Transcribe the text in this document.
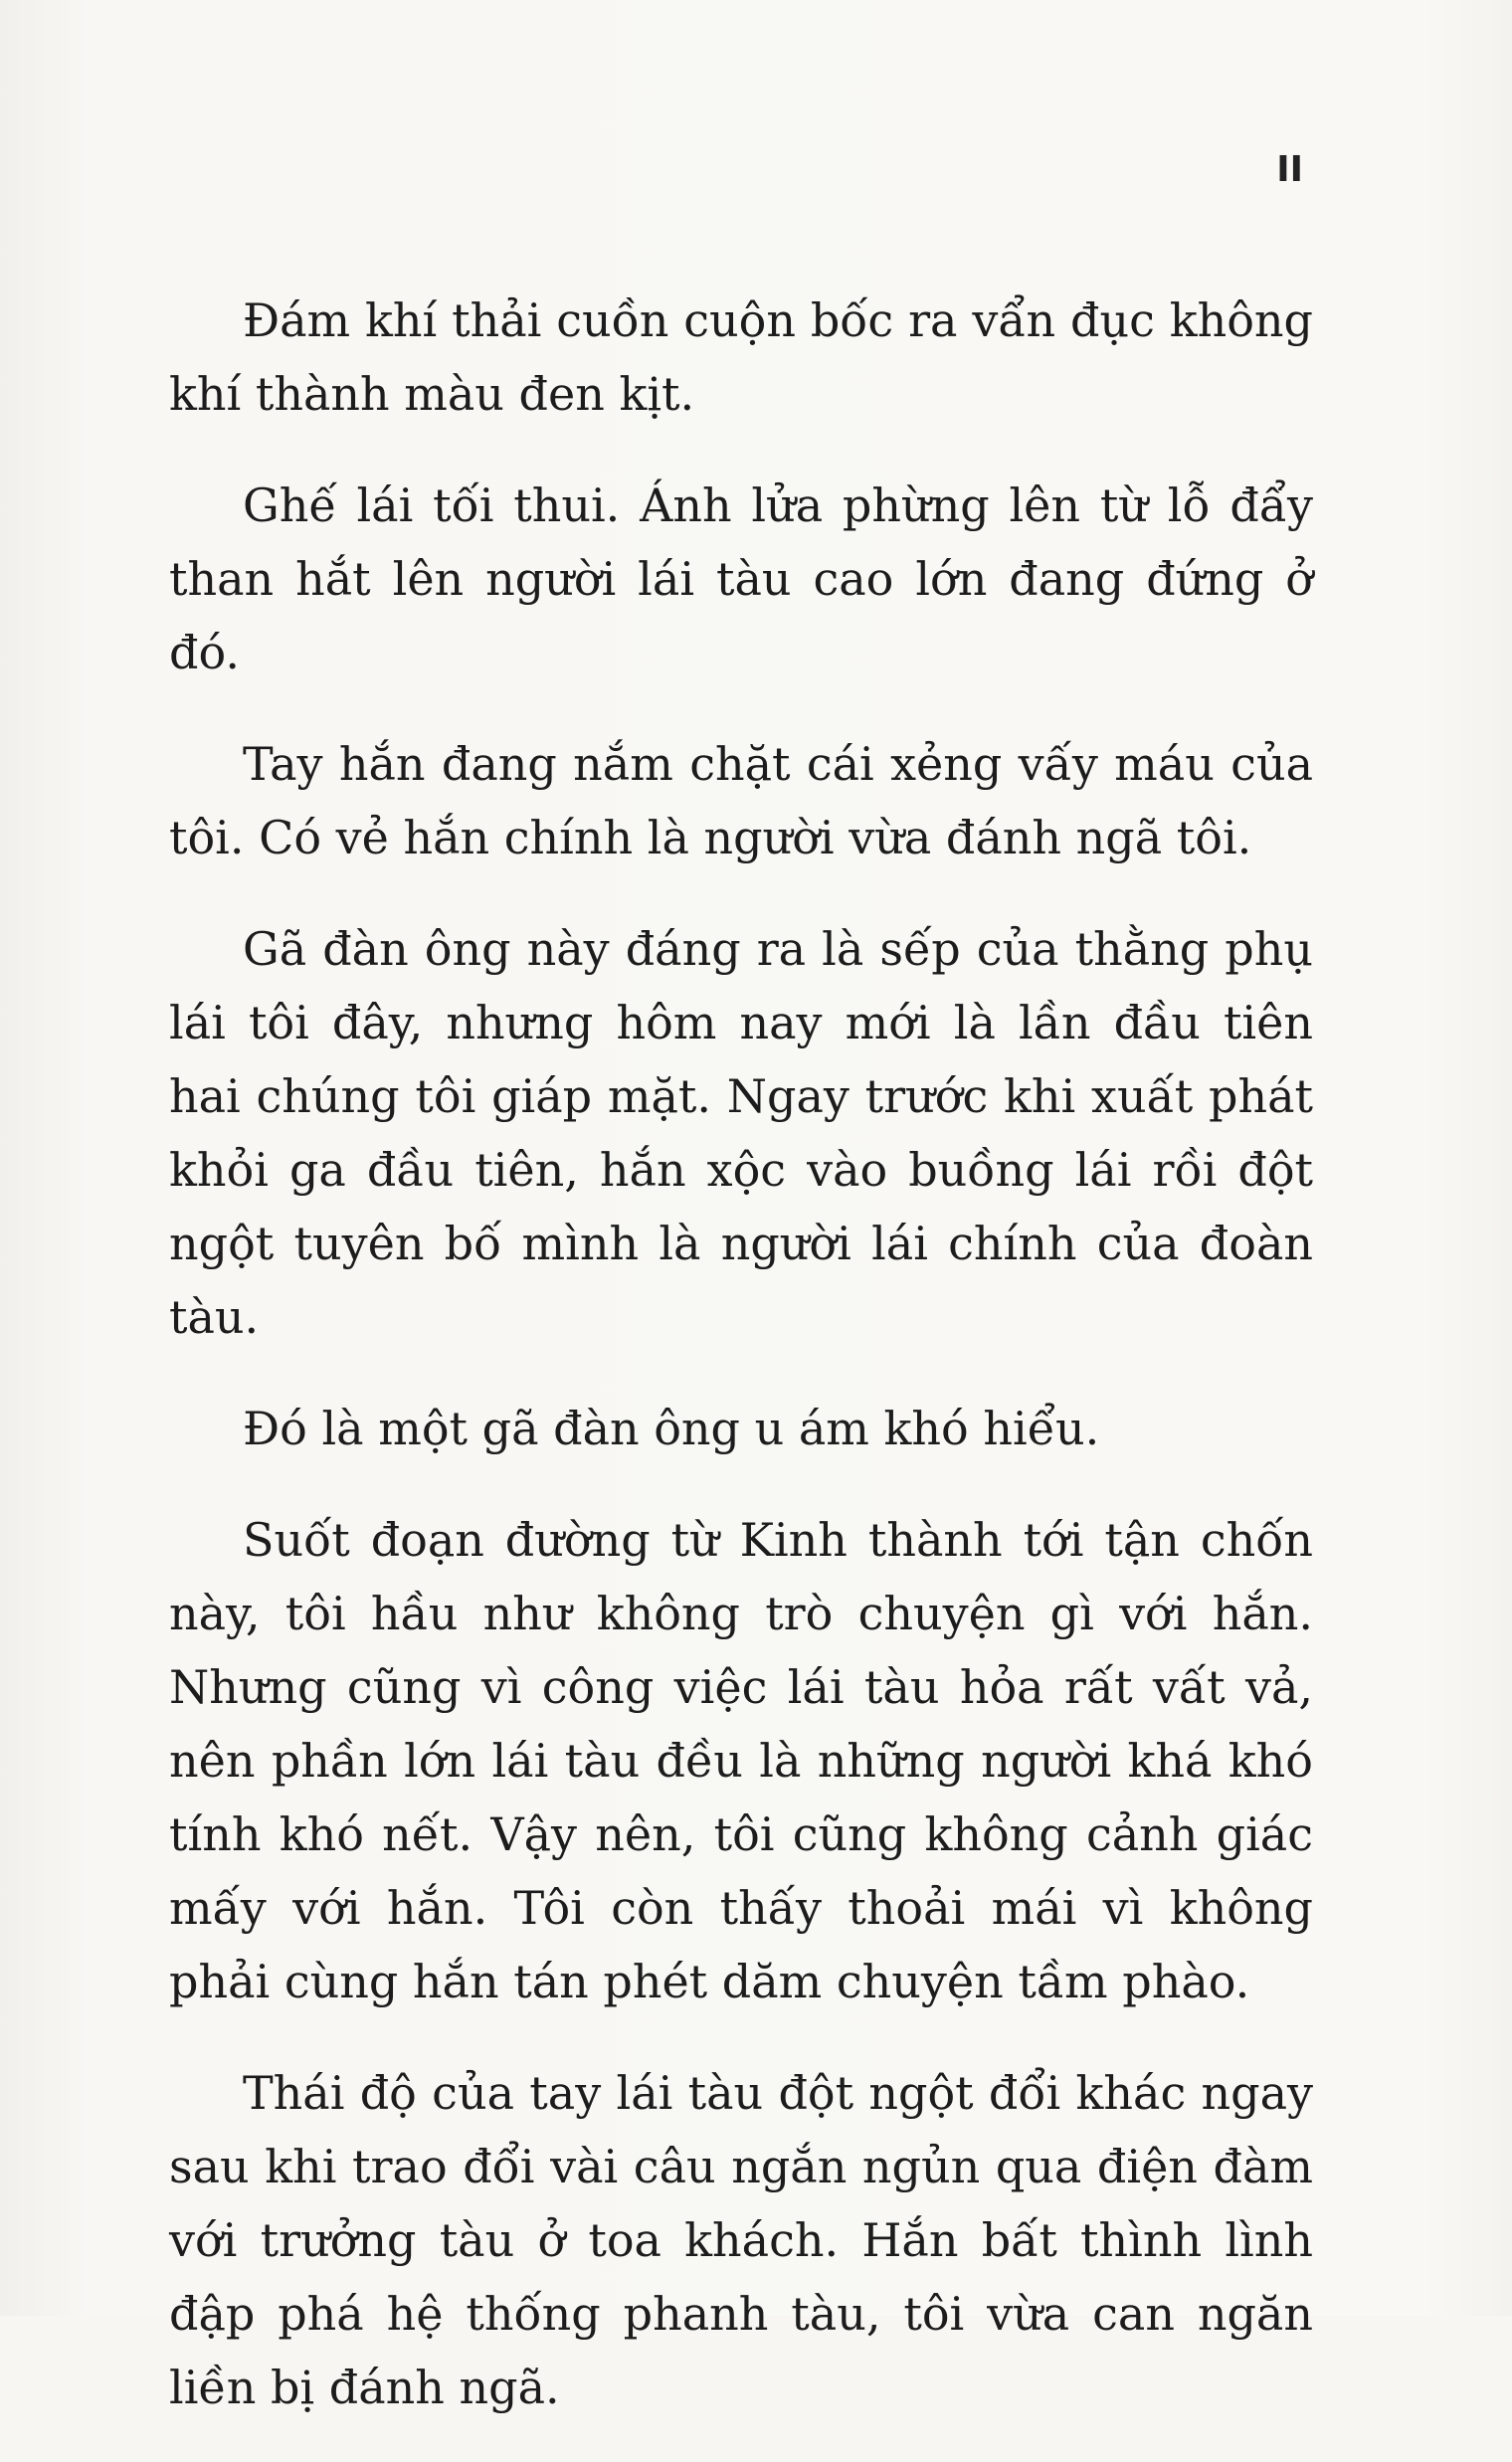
II

Đám khí thải cuồn cuộn bốc ra vẩn đục không khí thành màu đen kịt.

Ghế lái tối thui. Ánh lửa phừng lên từ lỗ đẩy than hắt lên người lái tàu cao lớn đang đứng ở đó.

Tay hắn đang nắm chặt cái xẻng vấy máu của tôi. Có vẻ hắn chính là người vừa đánh ngã tôi.

Gã đàn ông này đáng ra là sếp của thằng phụ lái tôi đây, nhưng hôm nay mới là lần đầu tiên hai chúng tôi giáp mặt. Ngay trước khi xuất phát khỏi ga đầu tiên, hắn xộc vào buồng lái rồi đột ngột tuyên bố mình là người lái chính của đoàn tàu.

Đó là một gã đàn ông u ám khó hiểu.

Suốt đoạn đường từ Kinh thành tới tận chốn này, tôi hầu như không trò chuyện gì với hắn. Nhưng cũng vì công việc lái tàu hỏa rất vất vả, nên phần lớn lái tàu đều là những người khá khó tính khó nết. Vậy nên, tôi cũng không cảnh giác mấy với hắn. Tôi còn thấy thoải mái vì không phải cùng hắn tán phét dăm chuyện tầm phào.

Thái độ của tay lái tàu đột ngột đổi khác ngay sau khi trao đổi vài câu ngắn ngủn qua điện đàm với trưởng tàu ở toa khách. Hắn bất thình lình đập phá hệ thống phanh tàu, tôi vừa can ngăn liền bị đánh ngã.
